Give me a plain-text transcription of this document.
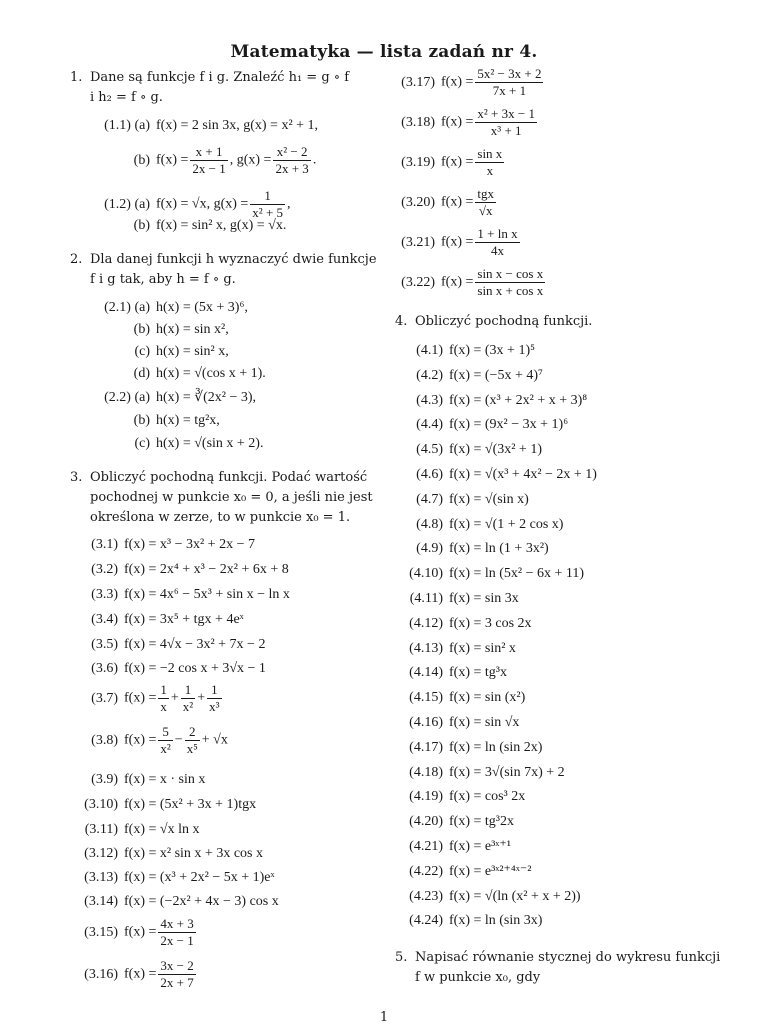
Matematyka — lista zadań nr 4.
1. Dane są funkcje f i g. Znaleźć h₁ = g ∘ f
i h₂ = f ∘ g.
(1.1) (a) f(x) = 2 sin 3x, g(x) = x² + 1,
(b) $f(x) = \frac{x + 1}{2x - 1}$ , $g(x) = \frac{\text{x² − 2}}{2x + 3}$ .
(1.2) (a) f(x) = √x, $g(x) = \frac{1}{\text{x² + 5}}$ ,
(b) f(x) = sin² x, g(x) = √x.
2. Dla danej funkcji h wyznaczyć dwie funkcje
f i g tak, aby h = f ∘ g.
(2.1) (a) h(x) = (5x + 3)⁶,
(b) h(x) = sin x²,
(c) h(x) = sin² x,
(d) h(x) = √(cos x + 1).
(2.2) (a) h(x) = ∛(2x² − 3),
(b) h(x) = tg²x,
(c) h(x) = √(sin x + 2).
3. Obliczyć pochodną funkcji. Podać wartość
pochodnej w punkcie x₀ = 0, a jeśli nie jest
określona w zerze, to w punkcie x₀ = 1.
(3.1) f(x) = x³ − 3x² + 2x − 7
(3.2) f(x) = 2x⁴ + x³ − 2x² + 6x + 8
(3.3) f(x) = 4x⁶ − 5x³ + sin x − ln x
(3.4) f(x) = 3x⁵ + tgx + 4eˣ
(3.5) f(x) = 4√x − 3x² + 7x − 2
(3.6) f(x) = −2 cos x + 3√x − 1
(3.7) $f(x) = \frac{1}{x} + \frac{1}{\text{x²}} + \frac{1}{\text{x³}}$
(3.8) $f(x) = \frac{5}{\text{x²}} - \frac{2}{\text{x⁵}} + √x$
(3.9) f(x) = x · sin x
(3.10) f(x) = (5x² + 3x + 1)tgx
(3.11) f(x) = √x ln x
(3.12) f(x) = x² sin x + 3x cos x
(3.13) f(x) = (x³ + 2x² − 5x + 1)eˣ
(3.14) f(x) = (−2x² + 4x − 3) cos x
(3.15) $f(x) = \frac{4x + 3}{2x - 1}$
(3.16) $f(x) = \frac{3x - 2}{2x + 7}$
(3.17) $f(x) = \frac{\text{5x² − 3x + 2}}{7x + 1}$
(3.18) $f(x) = \frac{\text{x² + 3x − 1}}{\text{x³ + 1}}$
(3.19) $f(x) = \frac{\text{sin x}}{x}$
(3.20) $f(x) = \frac{\text{tgx}}{√x}$
(3.21) $f(x) = \frac{\text{1 + ln x}}{4x}$
(3.22) $f(x) = \frac{\text{sin x − cos x}}{\text{sin x + cos x}}$
4. Obliczyć pochodną funkcji.
(4.1) f(x) = (3x + 1)⁵
(4.2) f(x) = (−5x + 4)⁷
(4.3) f(x) = (x³ + 2x² + x + 3)⁸
(4.4) f(x) = (9x² − 3x + 1)⁶
(4.5) f(x) = √(3x² + 1)
(4.6) f(x) = √(x³ + 4x² − 2x + 1)
(4.7) f(x) = √(sin x)
(4.8) f(x) = √(1 + 2 cos x)
(4.9) f(x) = ln (1 + 3x²)
(4.10) f(x) = ln (5x² − 6x + 11)
(4.11) f(x) = sin 3x
(4.12) f(x) = 3 cos 2x
(4.13) f(x) = sin² x
(4.14) f(x) = tg³x
(4.15) f(x) = sin (x²)
(4.16) f(x) = sin √x
(4.17) f(x) = ln (sin 2x)
(4.18) f(x) = 3√(sin 7x) + 2
(4.19) f(x) = cos³ 2x
(4.20) f(x) = tg³2x
(4.21) f(x) = e³ˣ⁺¹
(4.22) f(x) = e³ˣ²⁺⁴ˣ⁻²
(4.23) f(x) = √(ln (x² + x + 2))
(4.24) f(x) = ln (sin 3x)
5. Napisać równanie stycznej do wykresu funkcji
f w punkcie x₀, gdy
1
